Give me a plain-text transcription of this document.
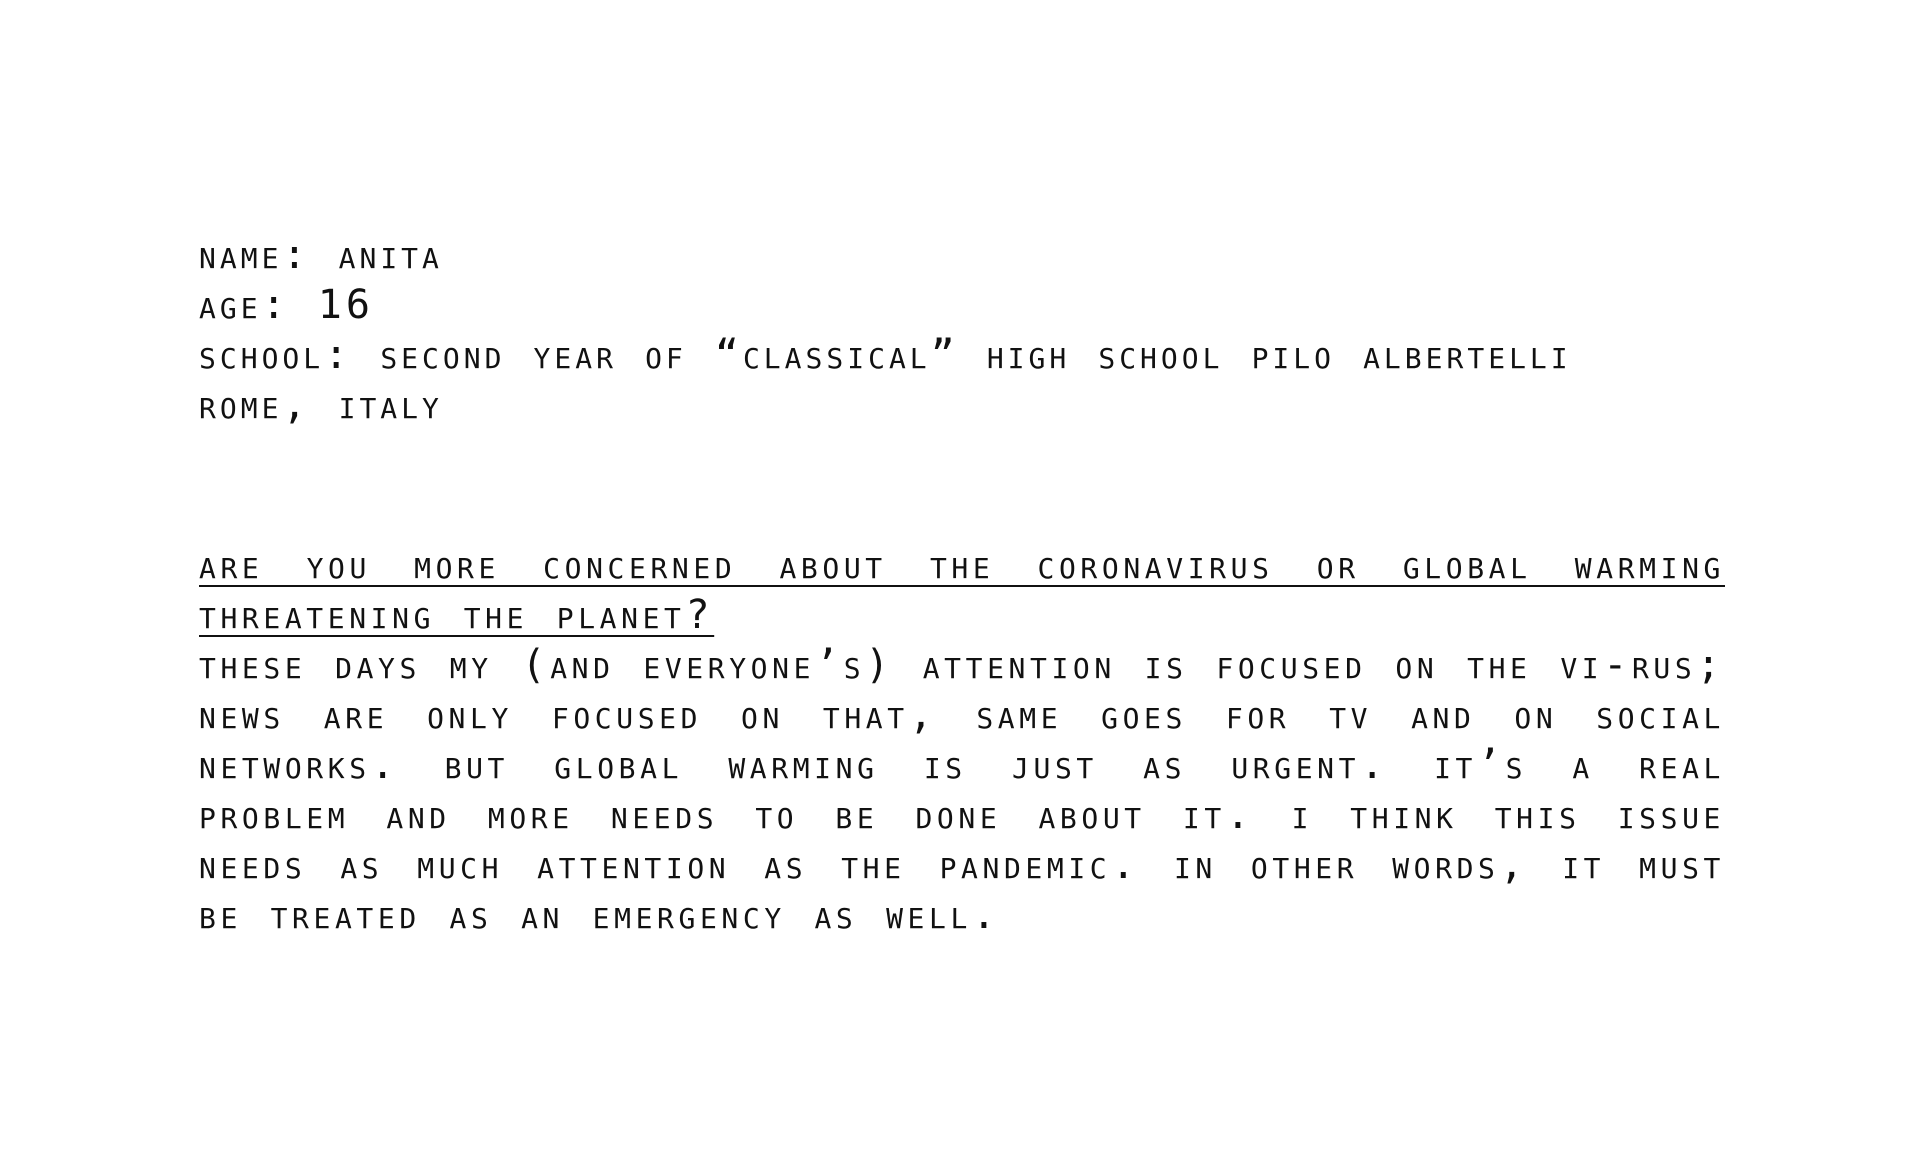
name: anita
age: 16
school: second year of “classical” high school pilo albertelli
rome, italy
are you more concerned about the coronavirus or global warming threatening the planet?
these days my (and everyone’s) attention is focused on the vi-rus; news are only focused on that, same goes for tv and on social networks. but global warming is just as urgent. it’s a real problem and more needs to be done about it. i think this issue needs as much attention as the pandemic. in other words, it must be treated as an emergency as well.
